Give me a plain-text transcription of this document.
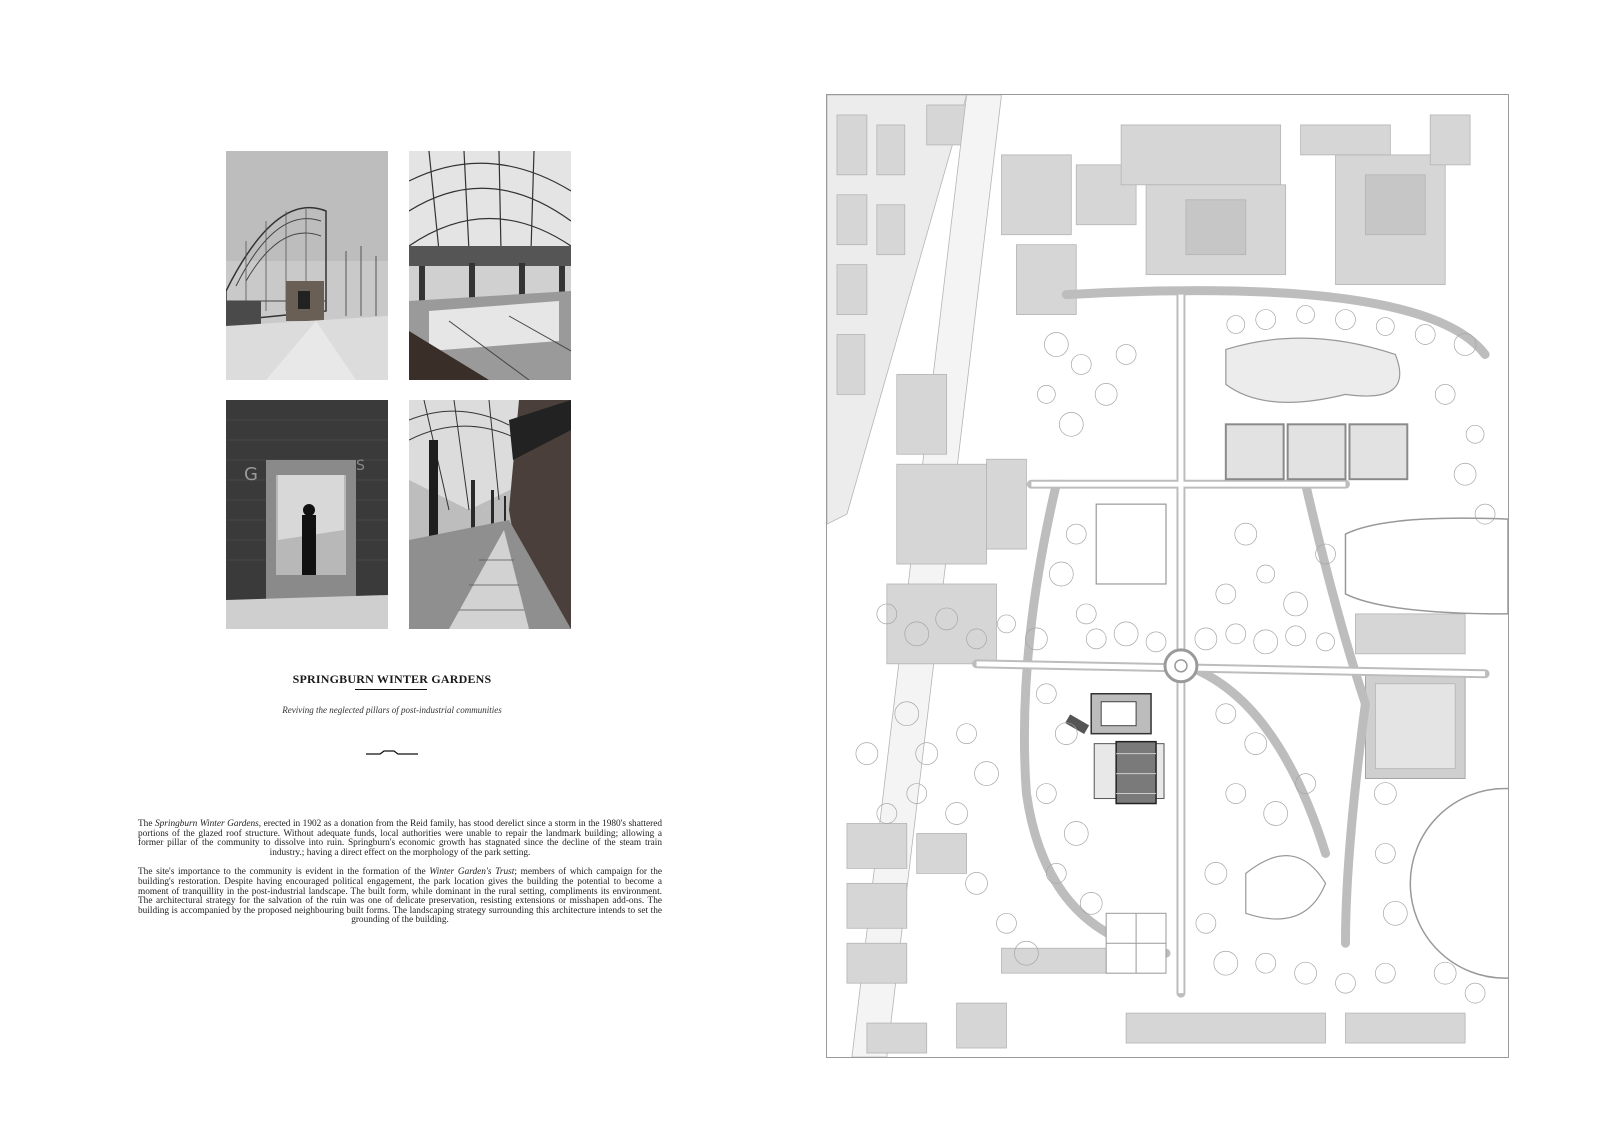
G	S
SPRINGBURN WINTER GARDENS
Reviving the neglected pillars of post-industrial communities

The Springburn Winter Gardens, erected in 1902 as a donation from the Reid family, has stood derelict since a storm in the 1980's shattered portions of the glazed roof structure. Without adequate funds, local authorities were unable to repair the landmark building; allowing a former pillar of the community to dissolve into ruin. Springburn's economic growth has stagnated since the decline of the steam train industry.; having a direct effect on the morphology of the park setting.

The site's importance to the community is evident in the formation of the Winter Garden's Trust; members of which campaign for the building's restoration. Despite having encouraged political engagement, the park location gives the building the potential to become a moment of tranquillity in the post-industrial landscape. The built form, while dominant in the rural setting, compliments its environment. The architectural strategy for the salvation of the ruin was one of delicate preservation, resisting extensions or misshapen add-ons. The building is accompanied by the proposed neighbouring built forms. The landscaping strategy surrounding this architecture intends to set the grounding of the building.
